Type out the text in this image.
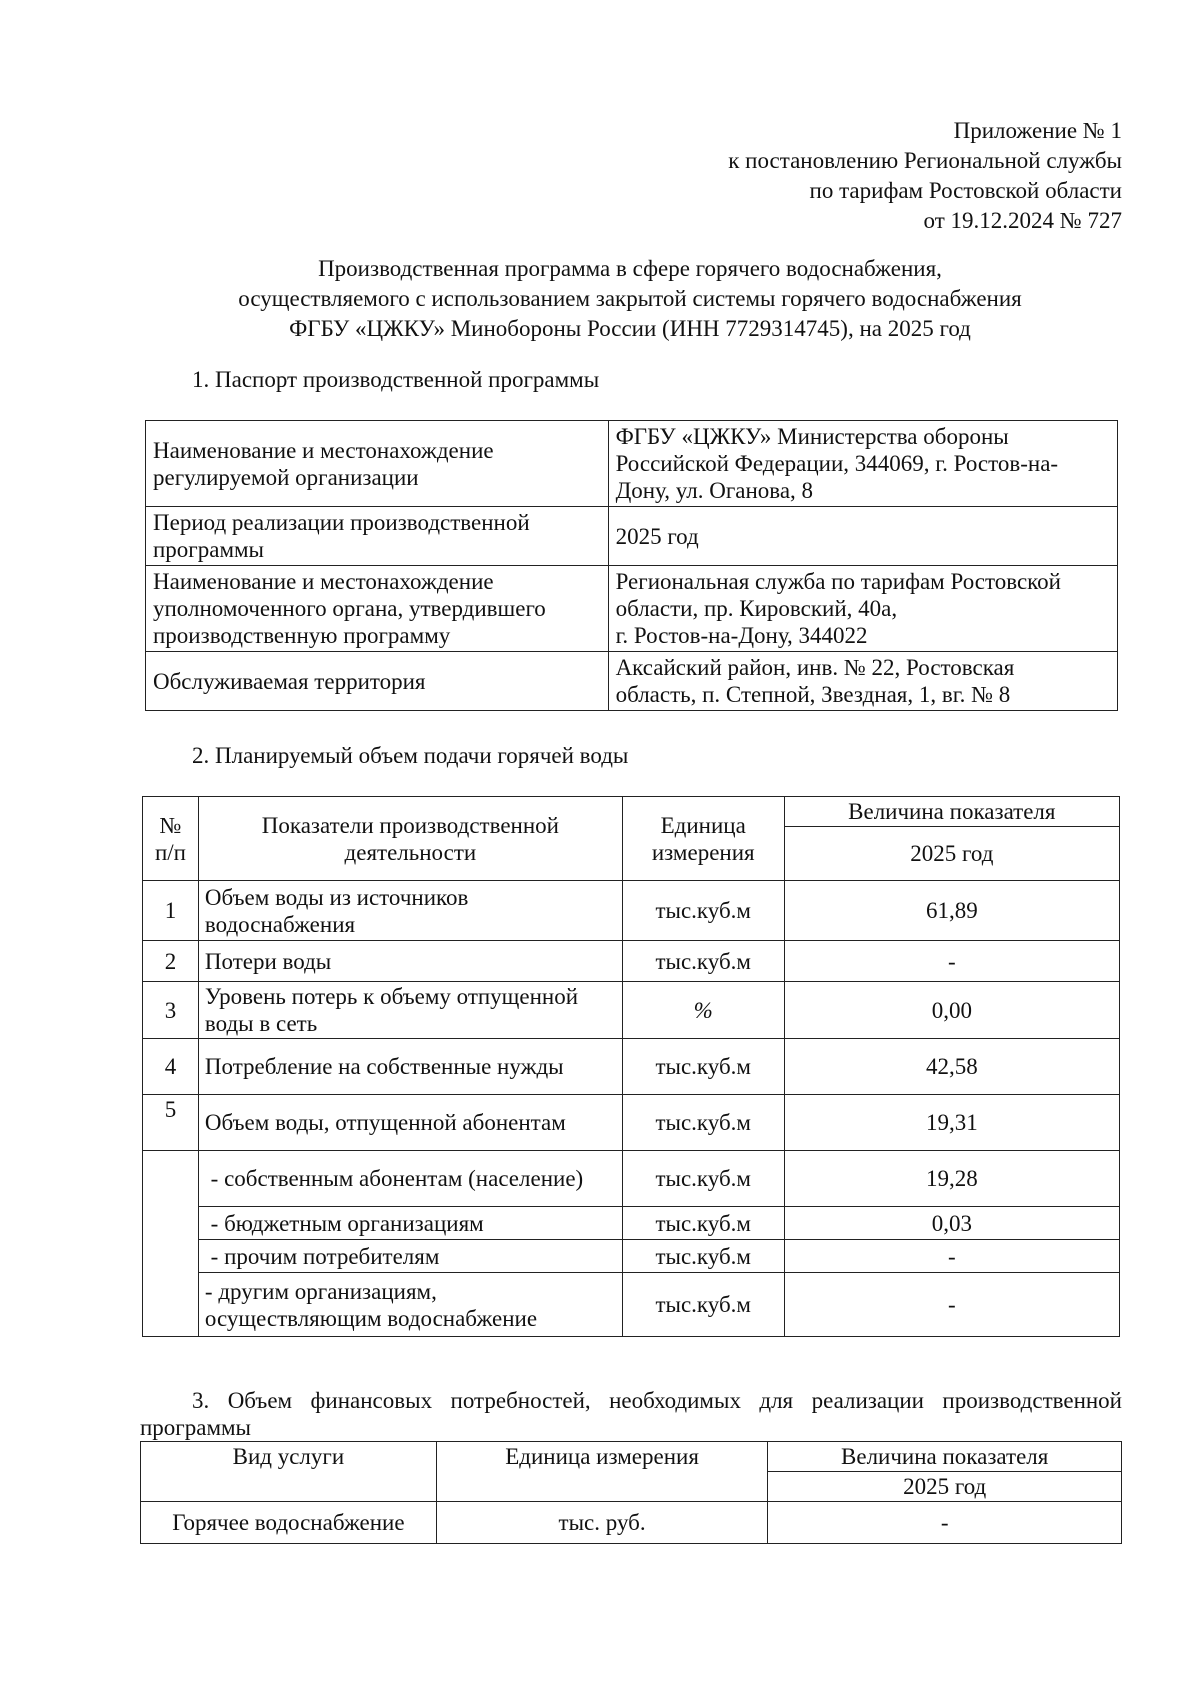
Приложение № 1
к постановлению Региональной службы
по тарифам Ростовской области
от 19.12.2024 № 727
Производственная программа в сфере горячего водоснабжения,
осуществляемого с использованием закрытой системы горячего водоснабжения
ФГБУ «ЦЖКУ» Минобороны России (ИНН 7729314745), на 2025 год
1. Паспорт производственной программы
Наименование и местонахождение регулируемой организации	ФГБУ «ЦЖКУ» Министерства обороны
Российской Федерации, 344069, г. Ростов-на-
Дону, ул. Оганова, 8

Период реализации производственной программы	2025 год

Наименование и местонахождение уполномоченного органа, утвердившего производственную программу	Региональная служба по тарифам Ростовской
области, пр. Кировский, 40а,
г. Ростов-на-Дону, 344022

Обслуживаемая территория	Аксайский район, инв. № 22, Ростовская
область, п. Степной, Звездная, 1, вг. № 8
2. Планируемый объем подачи горячей воды
№ п/п	Показатели производственной деятельности	Единица измерения	Величина показателя
			2025 год
1	Объем воды из источников водоснабжения	тыс.куб.м	61,89
2	Потери воды	тыс.куб.м	-
3	Уровень потерь к объему отпущенной воды в сеть	%	0,00
4	Потребление на собственные нужды	тыс.куб.м	42,58
5	Объем воды, отпущенной абонентам	тыс.куб.м	19,31
	- собственным абонентам (население)	тыс.куб.м	19,28
	- бюджетным организациям	тыс.куб.м	0,03
	- прочим потребителям	тыс.куб.м	-
	- другим организациям, осуществляющим водоснабжение	тыс.куб.м	-
3. Объем финансовых потребностей, необходимых для реализации производственной
программы
Вид услуги	Единица измерения	Величина показателя
		2025 год
Горячее водоснабжение	тыс. руб.	-
